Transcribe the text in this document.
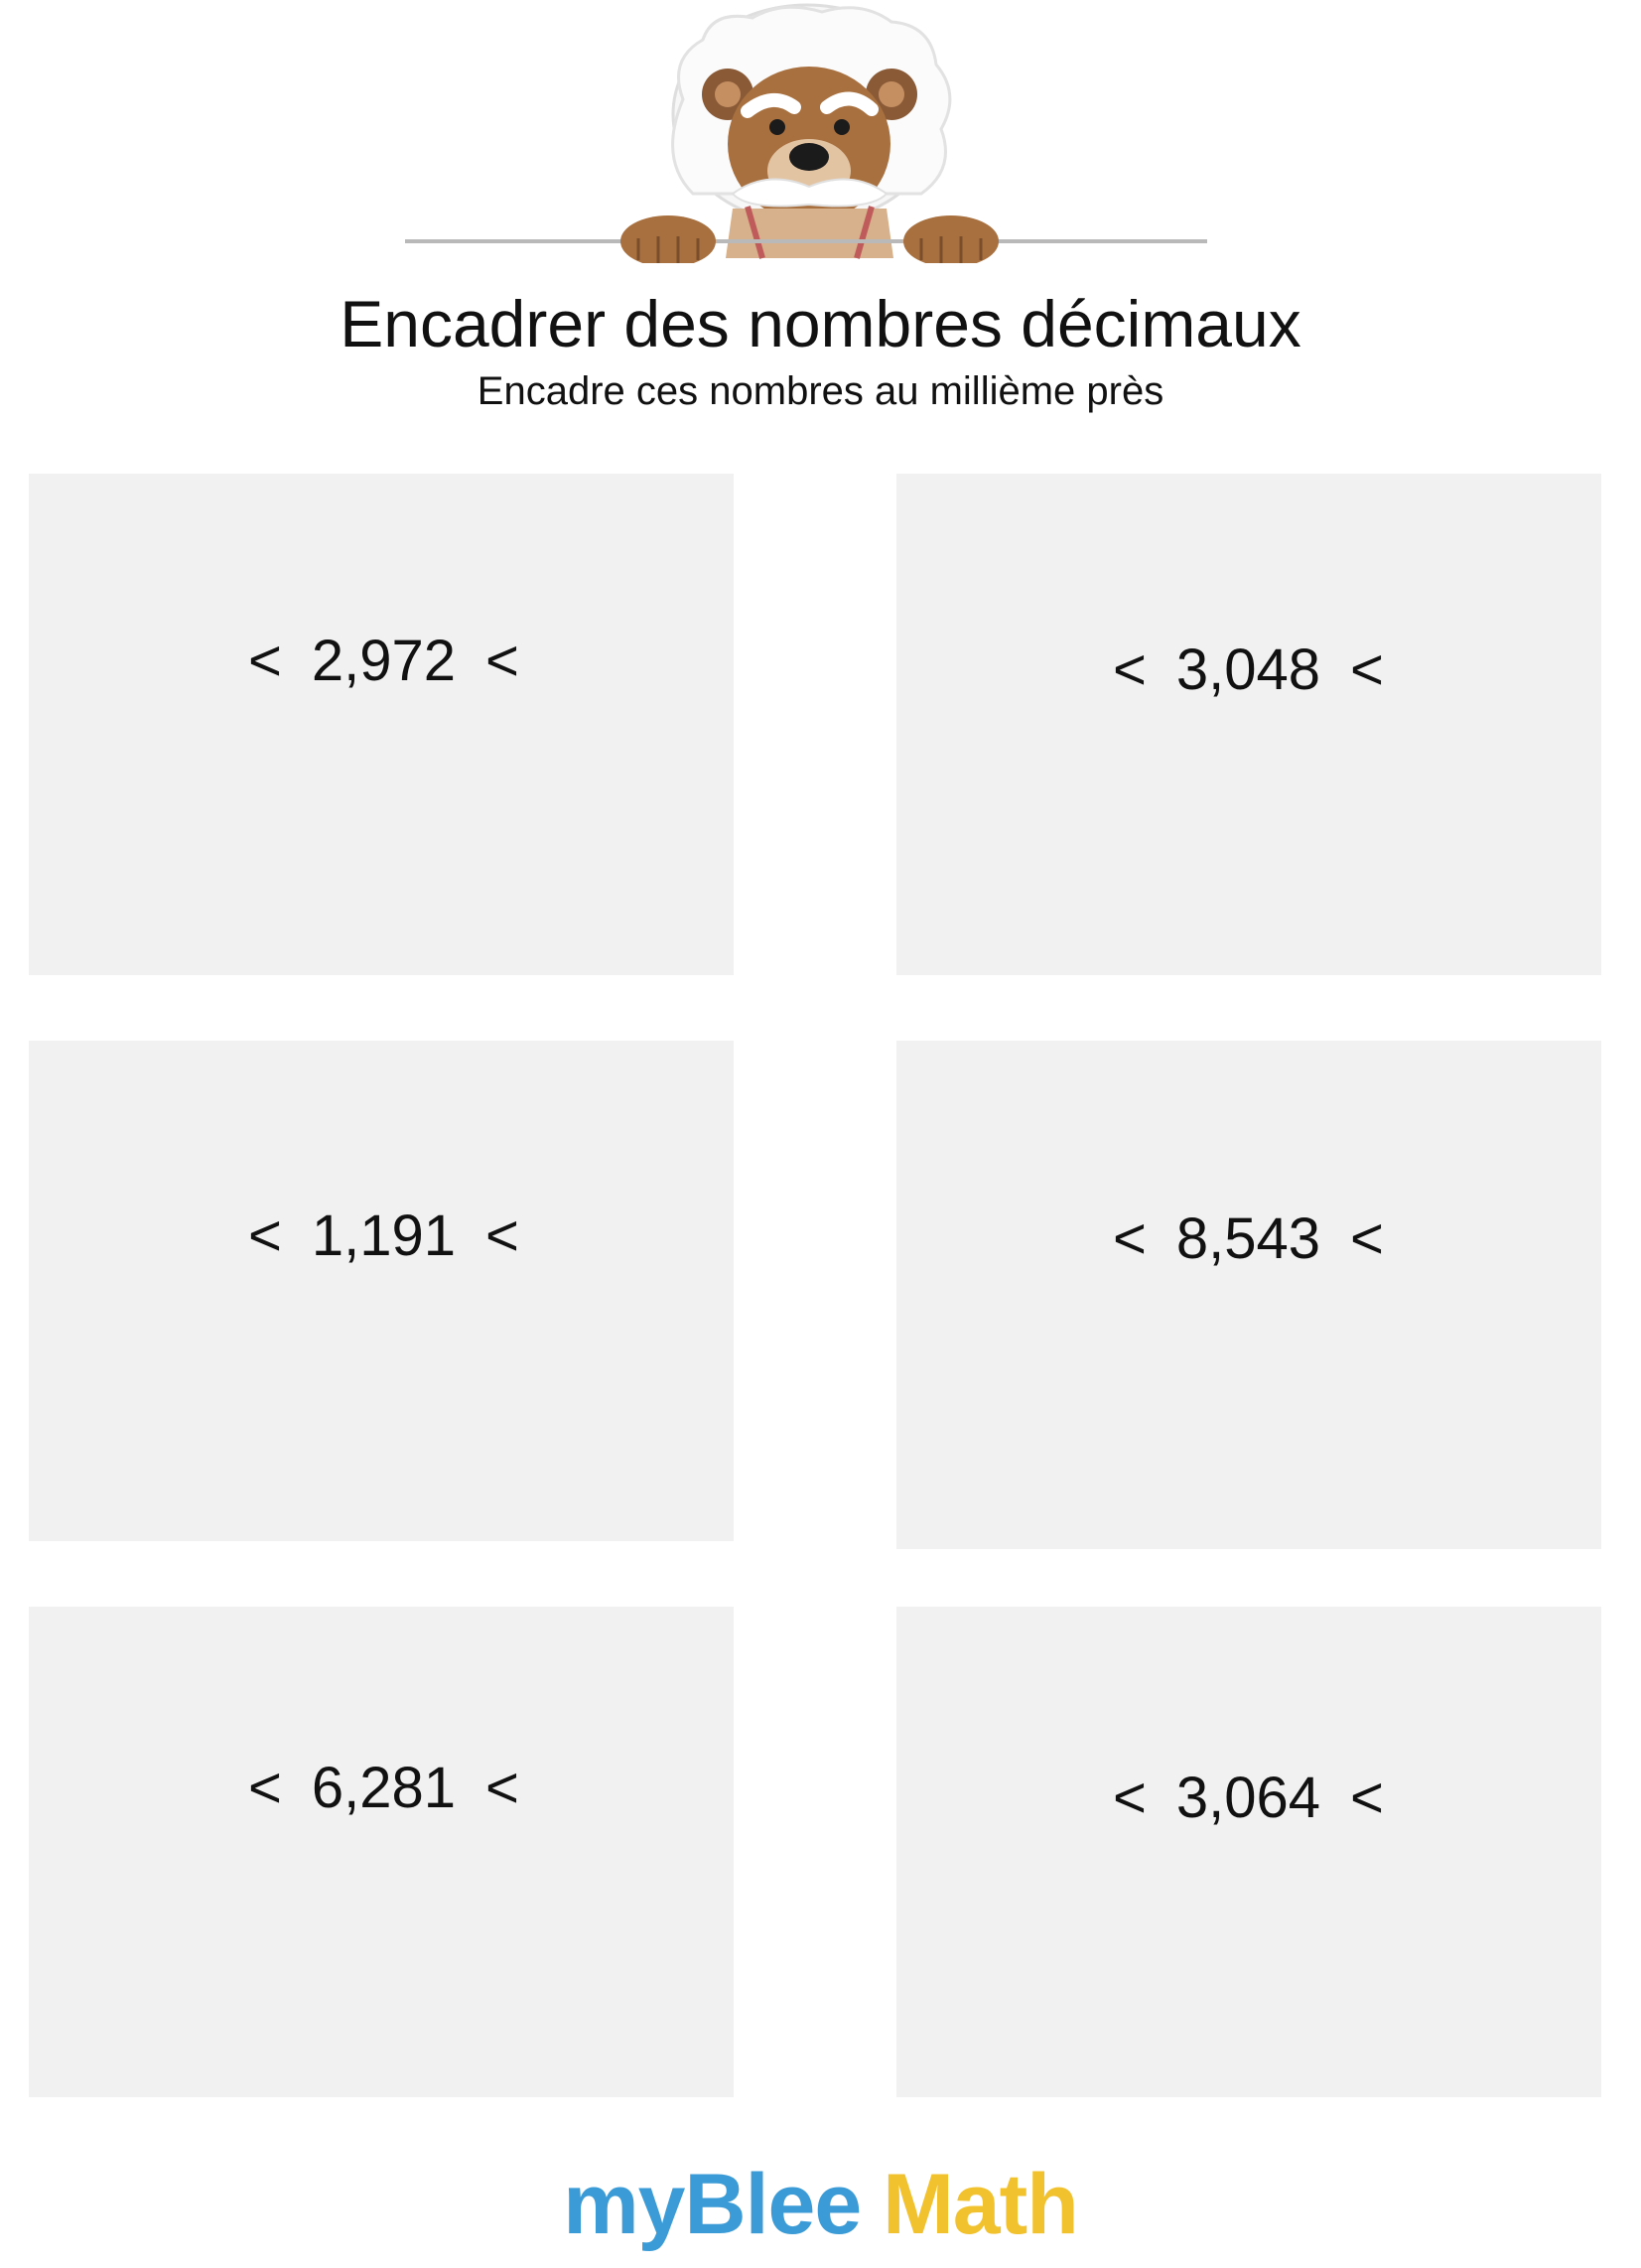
Encadrer des nombres décimaux
Encadre ces nombres au millième près
< 2,972 <	< 3,048 <
< 1,191 <	< 8,543 <
< 6,281 <	< 3,064 <
myBlee Math
